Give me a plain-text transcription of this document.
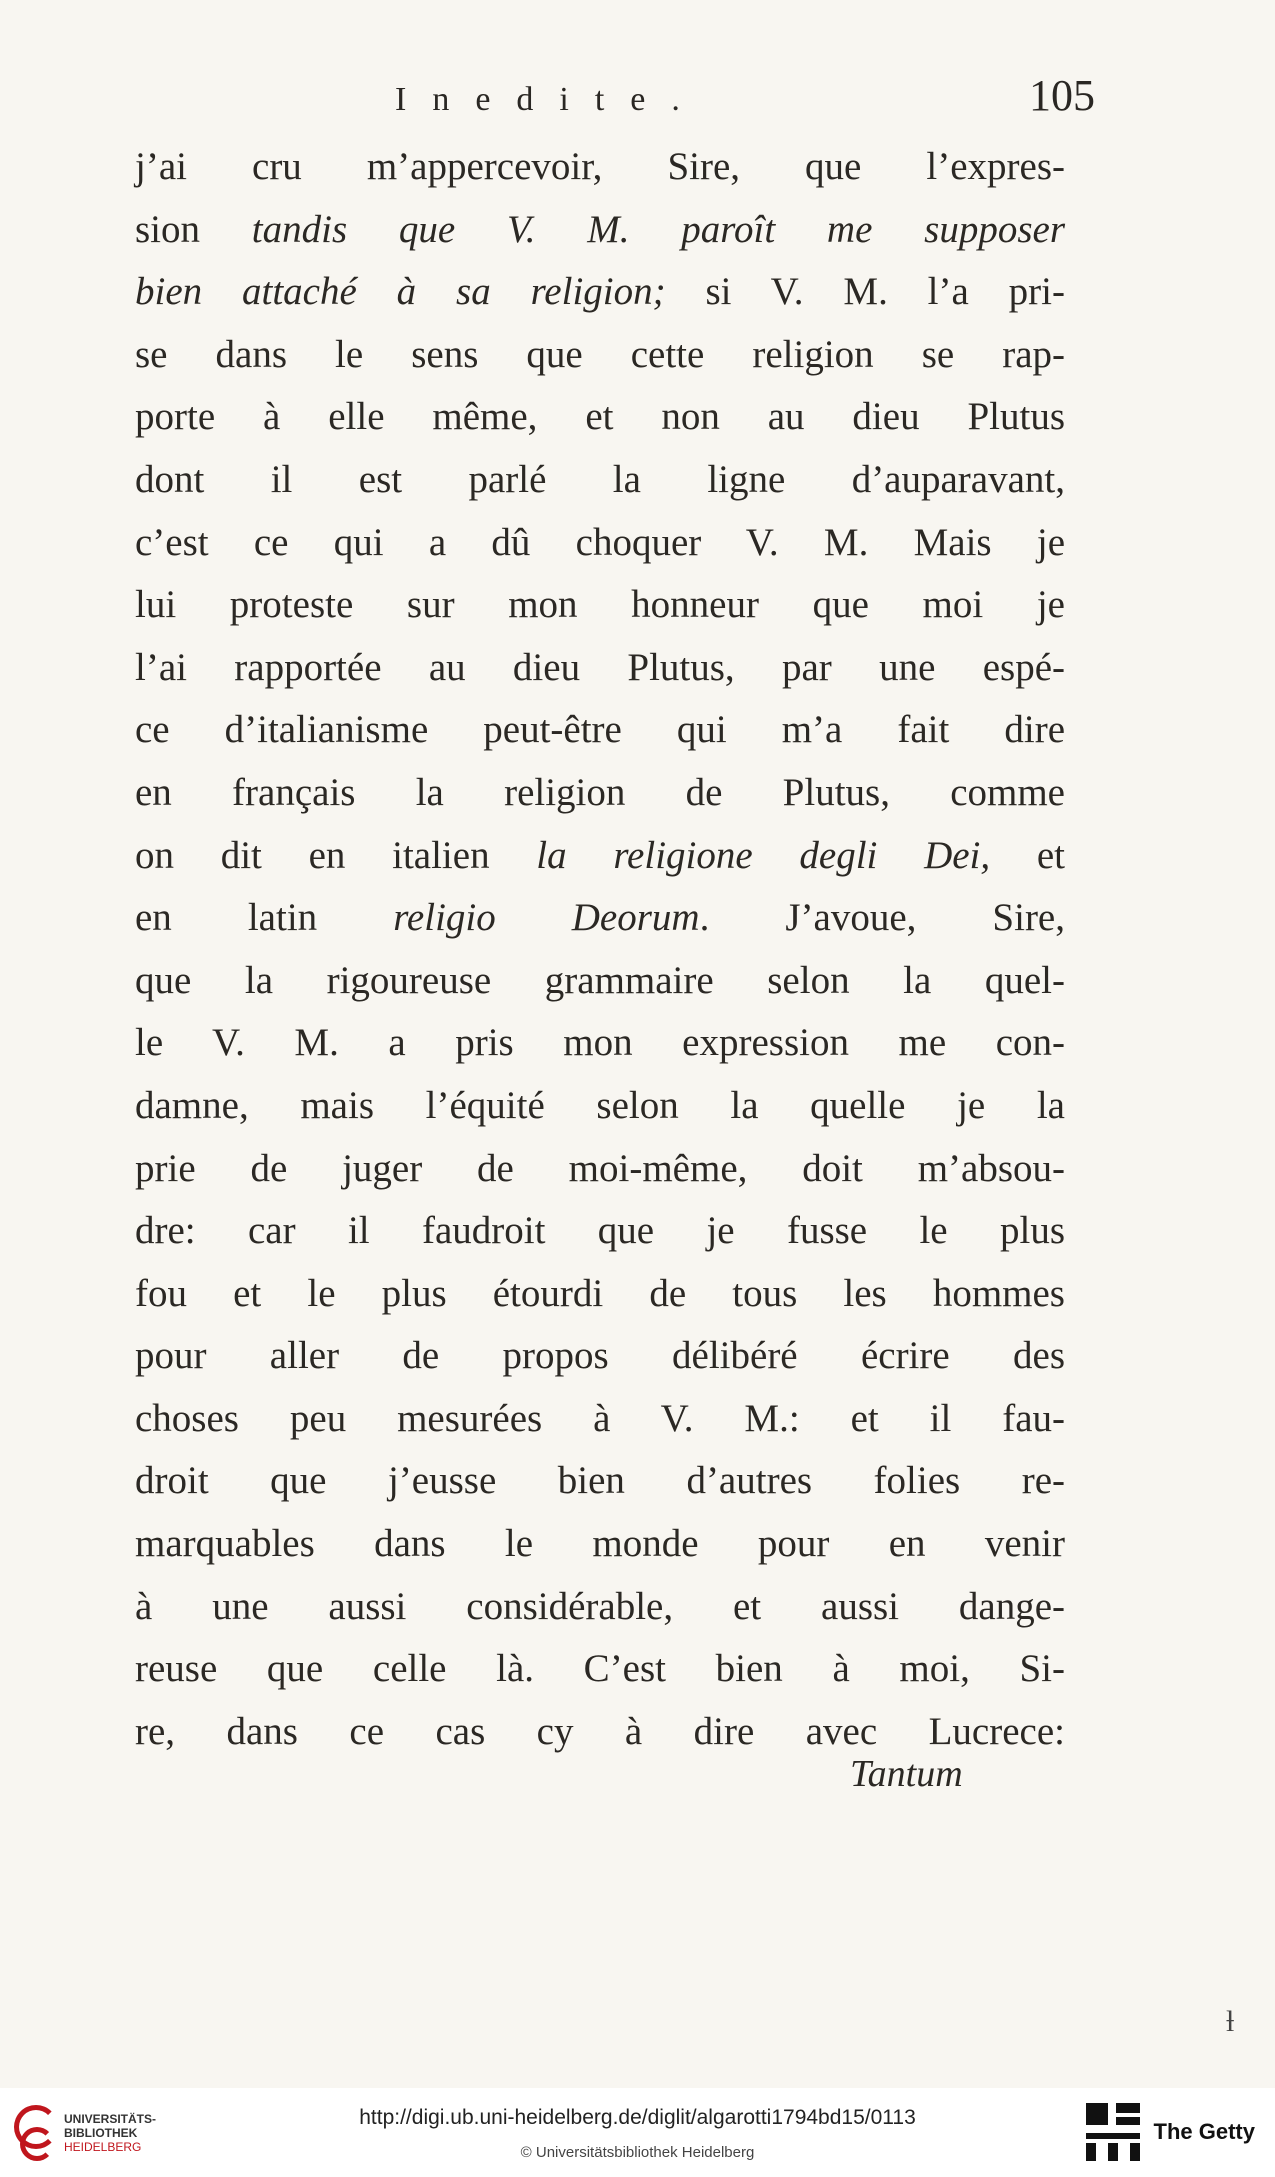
Inedite.	105
j’ai cru m’appercevoir, Sire, que l’expres-
sion tandis que V. M. paroît me supposer
bien attaché à sa religion; si V. M. l’a pri-
se dans le sens que cette religion se rap-
porte à elle même, et non au dieu Plutus
dont il est parlé la ligne d’auparavant,
c’est ce qui a dû choquer V. M. Mais je
lui proteste sur mon honneur que moi je
l’ai rapportée au dieu Plutus, par une espé-
ce d’italianisme peut-être qui m’a fait dire
en français la religion de Plutus, comme
on dit en italien la religione degli Dei, et
en latin religio Deorum. J’avoue, Sire,
que la rigoureuse grammaire selon la quel-
le V. M. a pris mon expression me con-
damne, mais l’équité selon la quelle je la
prie de juger de moi-même, doit m’absou-
dre: car il faudroit que je fusse le plus
fou et le plus étourdi de tous les hommes
pour aller de propos délibéré écrire des
choses peu mesurées à V. M.: et il fau-
droit que j’eusse bien d’autres folies re-
marquables dans le monde pour en venir
à une aussi considérable, et aussi dange-
reuse que celle là. C’est bien à moi, Si-
re, dans ce cas cy à dire avec Lucrece:
Tantum
ƚ
UNIVERSITÄTS-
BIBLIOTHEK
HEIDELBERG
http://digi.ub.uni-heidelberg.de/diglit/algarotti1794bd15/0113
© Universitätsbibliothek Heidelberg
The Getty
